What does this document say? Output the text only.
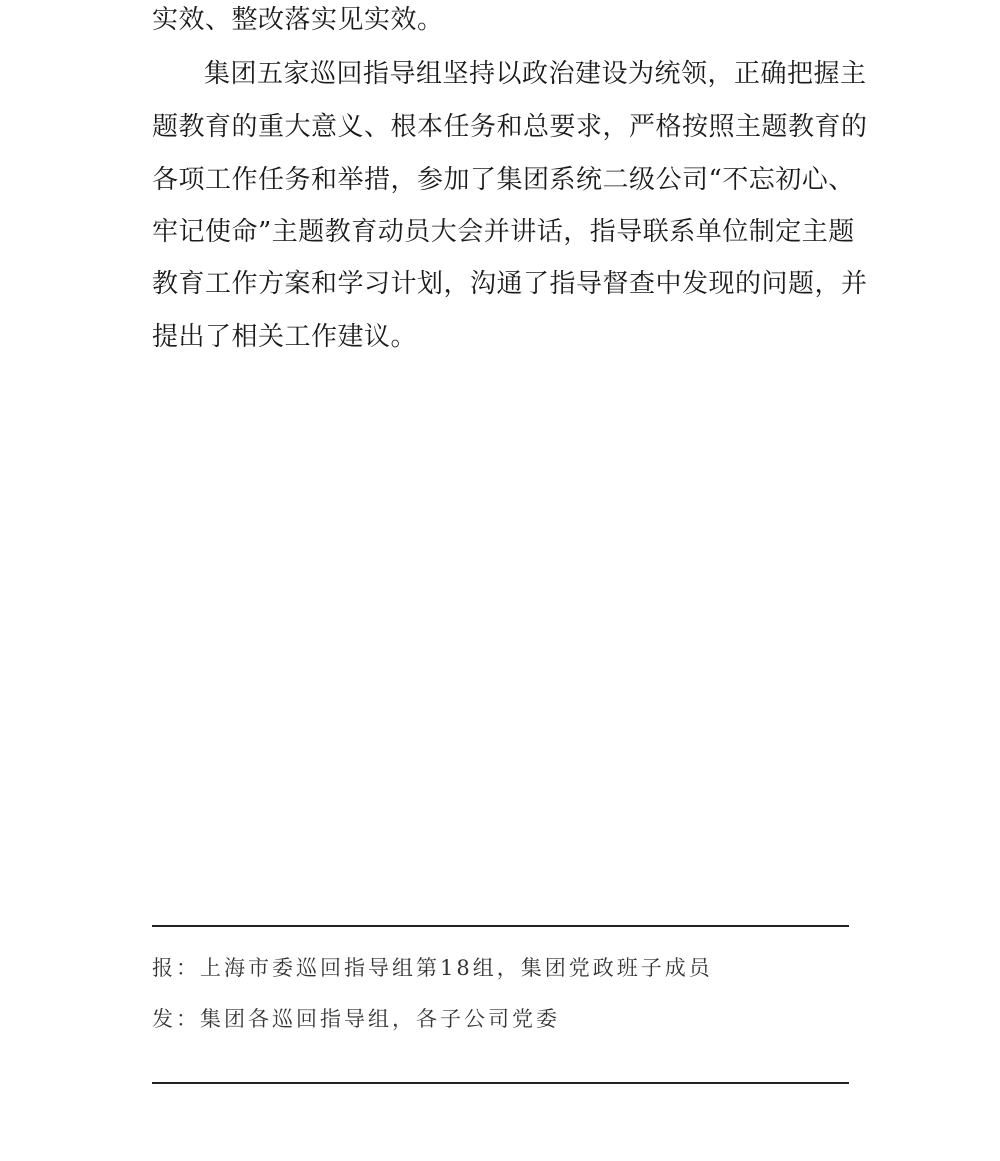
实效、整改落实见实效。
集团五家巡回指导组坚持以政治建设为统领，正确把握主
题教育的重大意义、根本任务和总要求，严格按照主题教育的
各项工作任务和举措，参加了集团系统二级公司“不忘初心、
牢记使命”主题教育动员大会并讲话，指导联系单位制定主题
教育工作方案和学习计划，沟通了指导督查中发现的问题，并
提出了相关工作建议。
报：上海市委巡回指导组第18组，集团党政班子成员
发：集团各巡回指导组，各子公司党委
